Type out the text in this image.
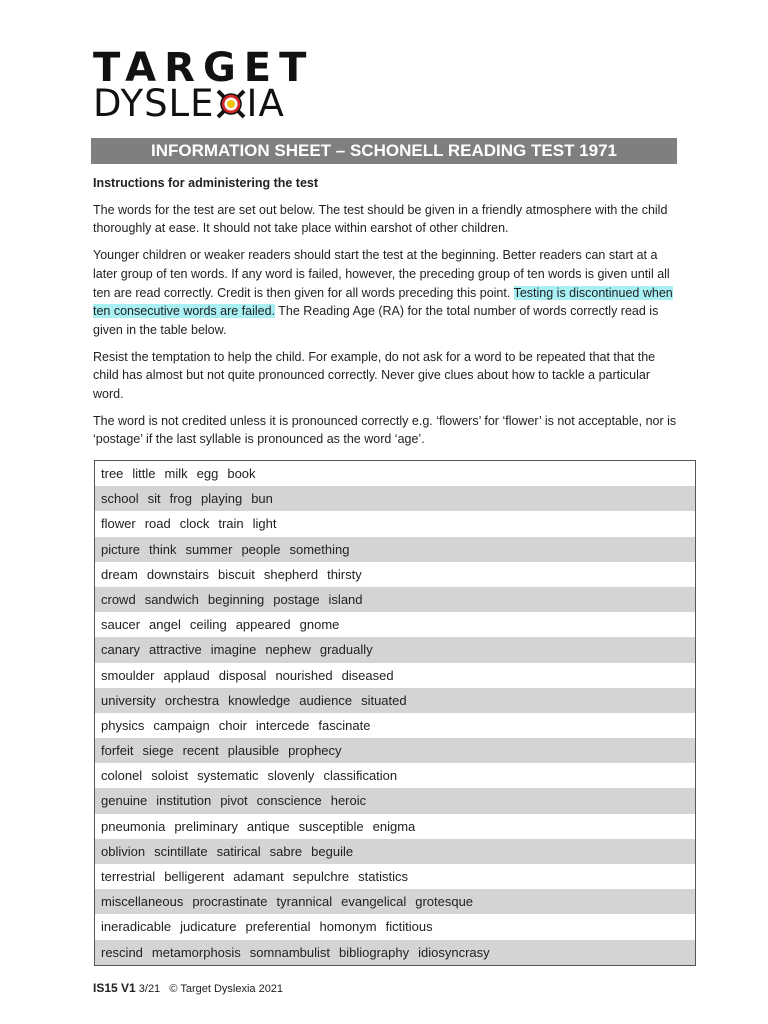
TARGET
DYSLE IA
INFORMATION SHEET – SCHONELL READING TEST 1971
Instructions for administering the test

The words for the test are set out below. The test should be given in a friendly atmosphere with the child thoroughly at ease. It should not take place within earshot of other children.

Younger children or weaker readers should start the test at the beginning. Better readers can start at a later group of ten words. If any word is failed, however, the preceding group of ten words is given until all ten are read correctly. Credit is then given for all words preceding this point. Testing is discontinued when ten consecutive words are failed. The Reading Age (RA) for the total number of words correctly read is given in the table below.

Resist the temptation to help the child. For example, do not ask for a word to be repeated that that the child has almost but not quite pronounced correctly. Never give clues about how to tackle a particular word.

The word is not credited unless it is pronounced correctly e.g. ‘flowers’ for ‘flower’ is not acceptable, nor is ‘postage’ if the last syllable is pronounced as the word ‘age’.

tree little milk egg book
school sit frog playing bun
flower road clock train light
picture think summer people something
dream downstairs biscuit shepherd thirsty
crowd sandwich beginning postage island
saucer angel ceiling appeared gnome
canary attractive imagine nephew gradually
smoulder applaud disposal nourished diseased
university orchestra knowledge audience situated
physics campaign choir intercede fascinate
forfeit siege recent plausible prophecy
colonel soloist systematic slovenly classification
genuine institution pivot conscience heroic
pneumonia preliminary antique susceptible enigma
oblivion scintillate satirical sabre beguile
terrestrial belligerent adamant sepulchre statistics
miscellaneous procrastinate tyrannical evangelical grotesque
ineradicable judicature preferential homonym fictitious
rescind metamorphosis somnambulist bibliography idiosyncrasy
IS15 V1 3/21 © Target Dyslexia 2021
